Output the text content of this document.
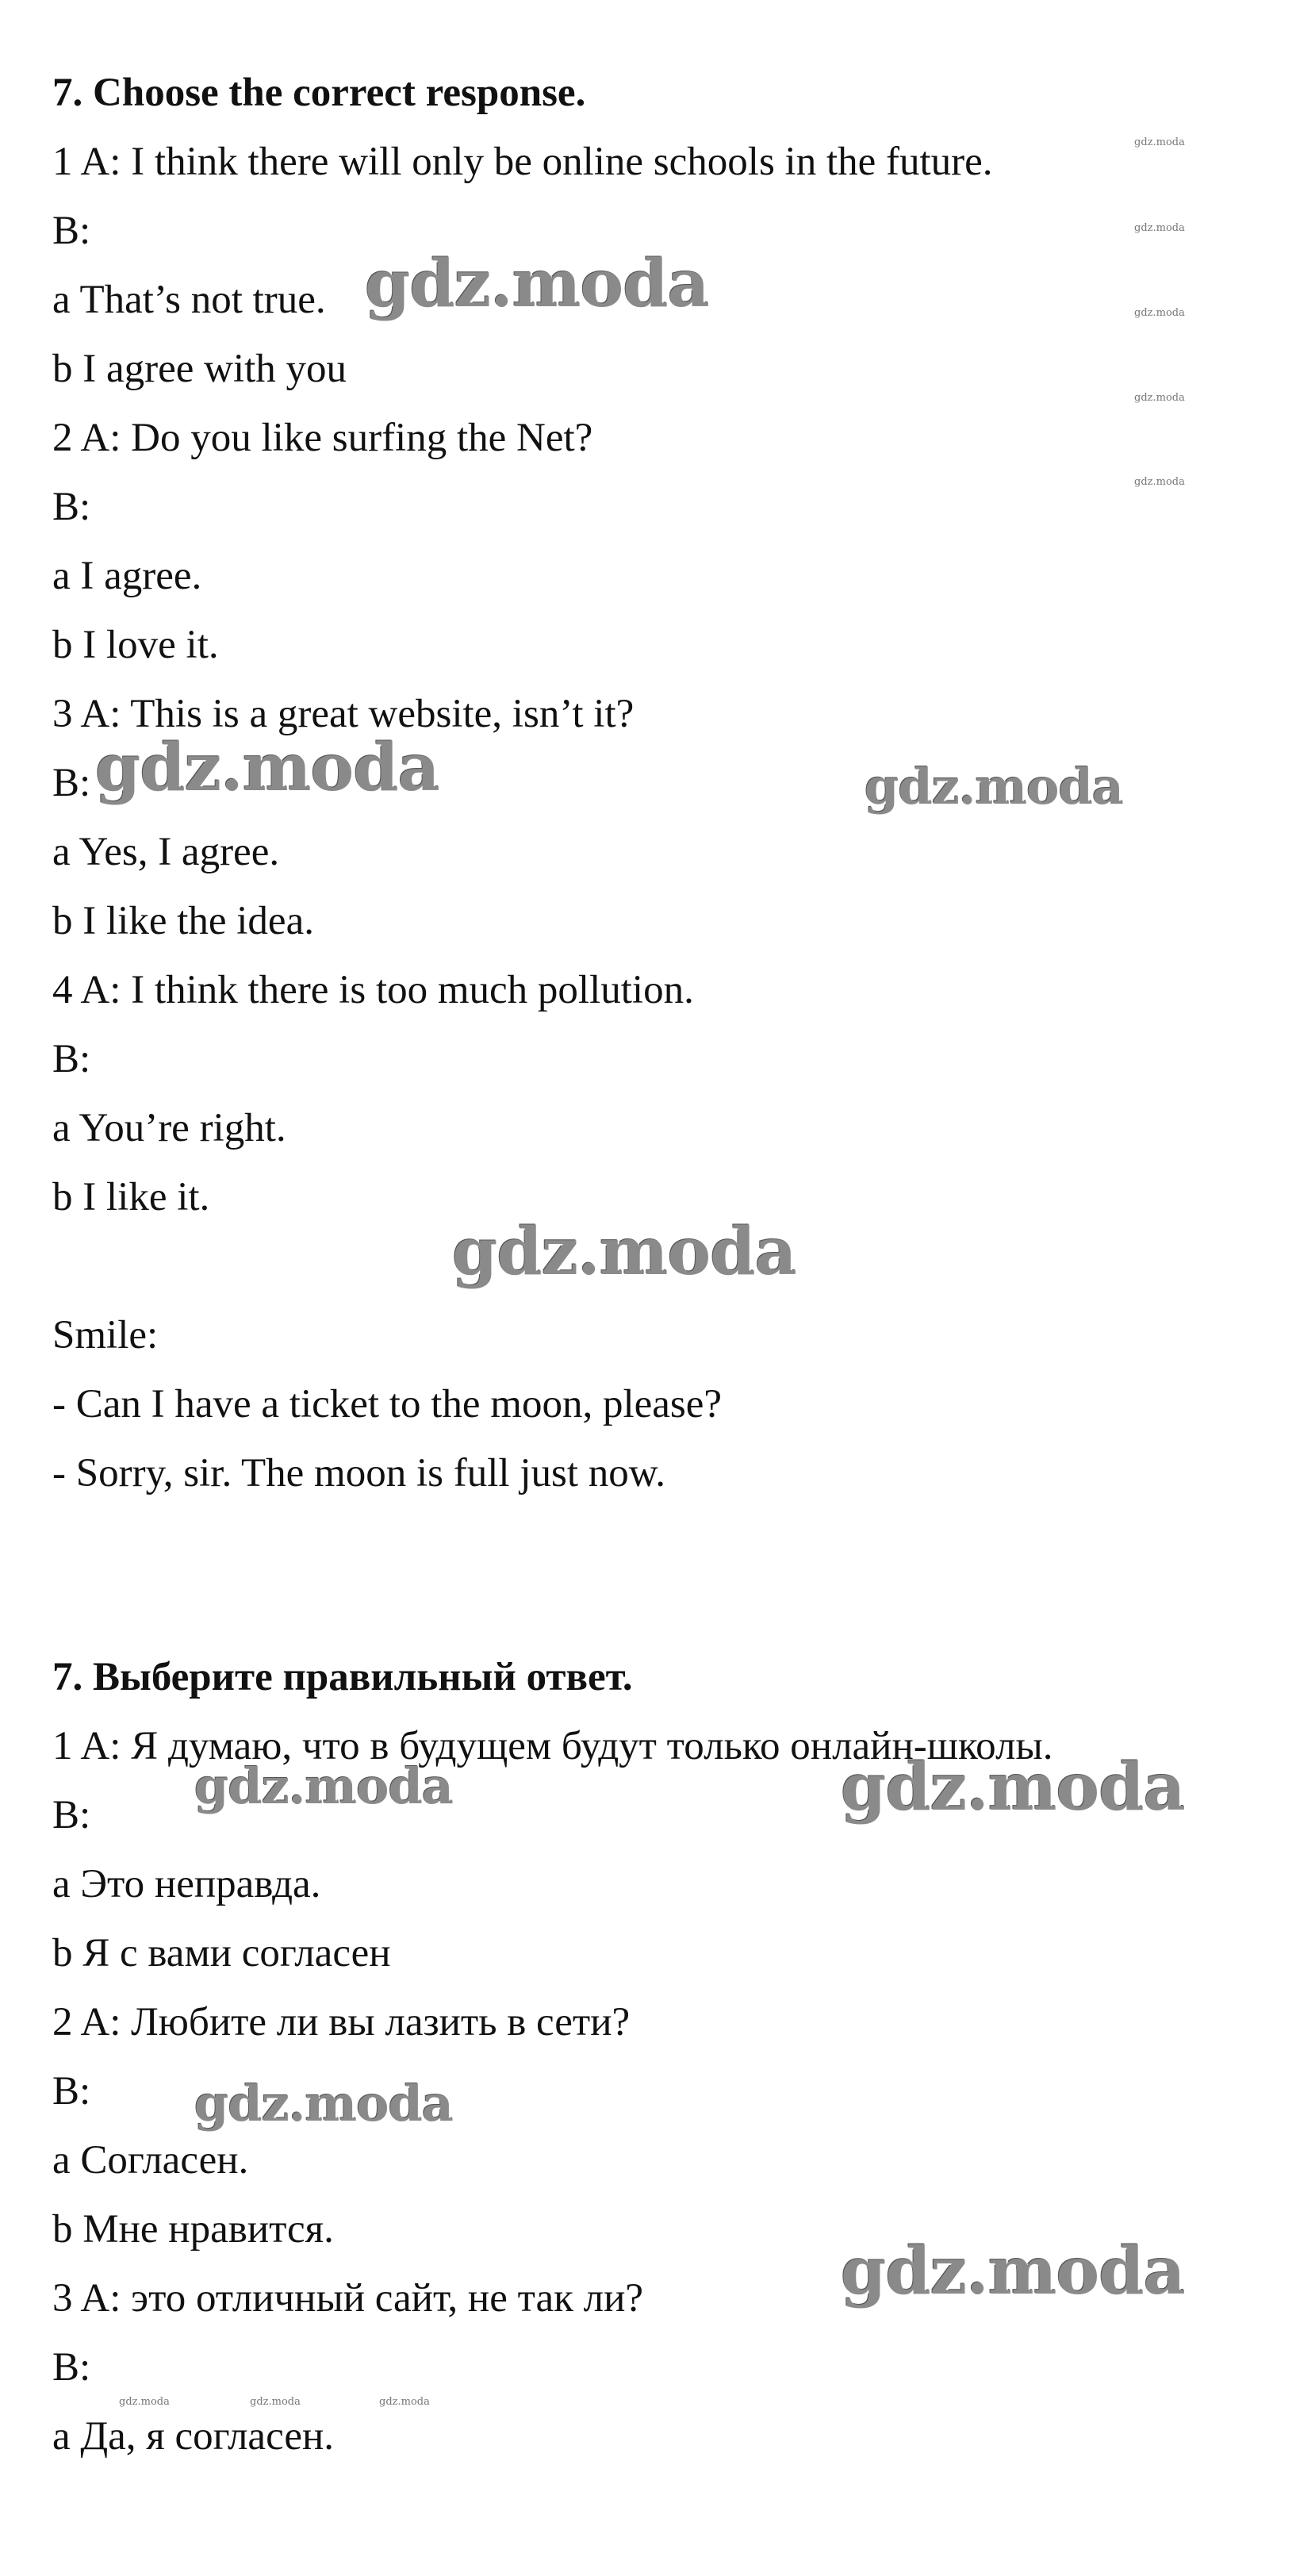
7. Choose the correct response.
1 A: I think there will only be online schools in the future.
B:
a That’s not true.
b I agree with you
2 A: Do you like surfing the Net?
B:
a I agree.
b I love it.
3 A: This is a great website, isn’t it?
B:
a Yes, I agree.
b I like the idea.
4 A: I think there is too much pollution.
B:
a You’re right.
b I like it.
Smile:
- Can I have a ticket to the moon, please?
- Sorry, sir. The moon is full just now.
7. Выберите правильный ответ.
1 A: Я думаю, что в будущем будут только онлайн-школы.
B:
a Это неправда.
b Я с вами согласен
2 A: Любите ли вы лазить в сети?
B:
a Согласен.
b Мне нравится.
3 A: это отличный сайт, не так ли?
B:
a Да, я согласен.
gdz.moda
gdz.moda	gdz.moda
gdz.moda
gdz.moda	gdz.moda
gdz.moda
gdz.moda
gdz.moda
gdz.moda
gdz.moda
gdz.moda
gdz.moda
gdz.moda	gdz.moda	gdz.moda
